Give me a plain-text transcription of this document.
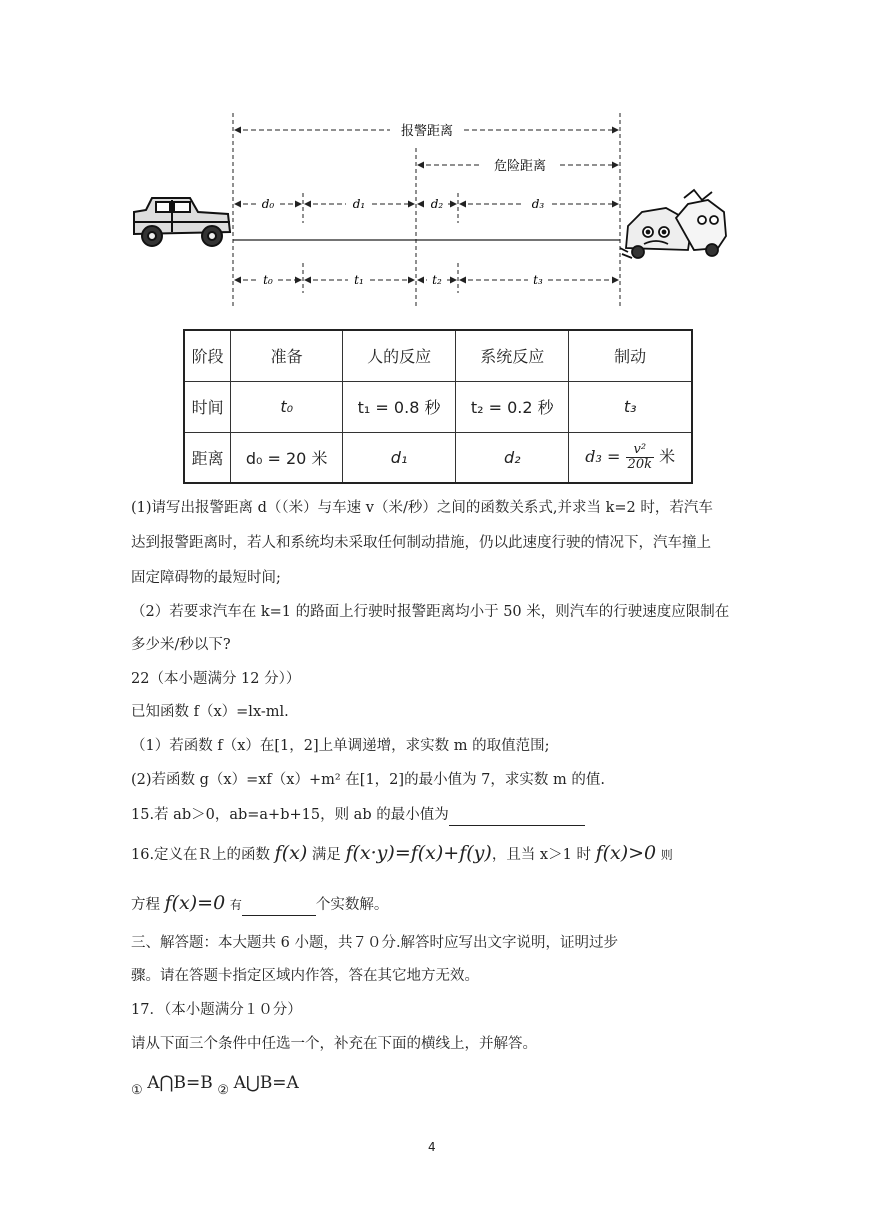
报警距离
危险距离
d₀	d₁	d₂	d₃
t₀	t₁	t₂	t₃
阶段	准备	人的反应	系统反应	制动
时间	t₀	t₁ = 0.8 秒	t₂ = 0.2 秒	t₃
距离	d₀ = 20 米	d₁	d₂	$d_3 = \frac{\text{v²}}{20k}$ 米
(1)请写出报警距离 d（（米）与车速 v（米/秒）之间的函数关系式,并求当 k=2 时，若汽车
达到报警距离时，若人和系统均未采取任何制动措施，仍以此速度行驶的情况下，汽车撞上
固定障碍物的最短时间;
（2）若要求汽车在 k=1 的路面上行驶时报警距离均小于 50 米，则汽车的行驶速度应限制在
多少米/秒以下?
22（本小题满分 12 分））
已知函数 f（x）=lx-ml.
（1）若函数 f（x）在[1，2]上单调递增，求实数 m 的取值范围;
(2)若函数 g（x）=xf（x）+m² 在[1，2]的最小值为 7，求实数 m 的值.
15.若 ab＞0，ab=a+b+15，则 ab 的最小值为
16.定义在Ｒ上的函数 f(x) 满足 f(x·y)=f(x)+f(y)，且当 x＞1 时 f(x)>0 则
方程 f(x)=0 有	个实数解。
三、解答题：本大题共 6 小题，共７０分.解答时应写出文字说明，证明过步
骤。请在答题卡指定区域内作答，答在其它地方无效。
17．（本小题满分１０分）
请从下面三个条件中任选一个，补充在下面的横线上，并解答。
① A⋂B=B ② A⋃B=A
4
